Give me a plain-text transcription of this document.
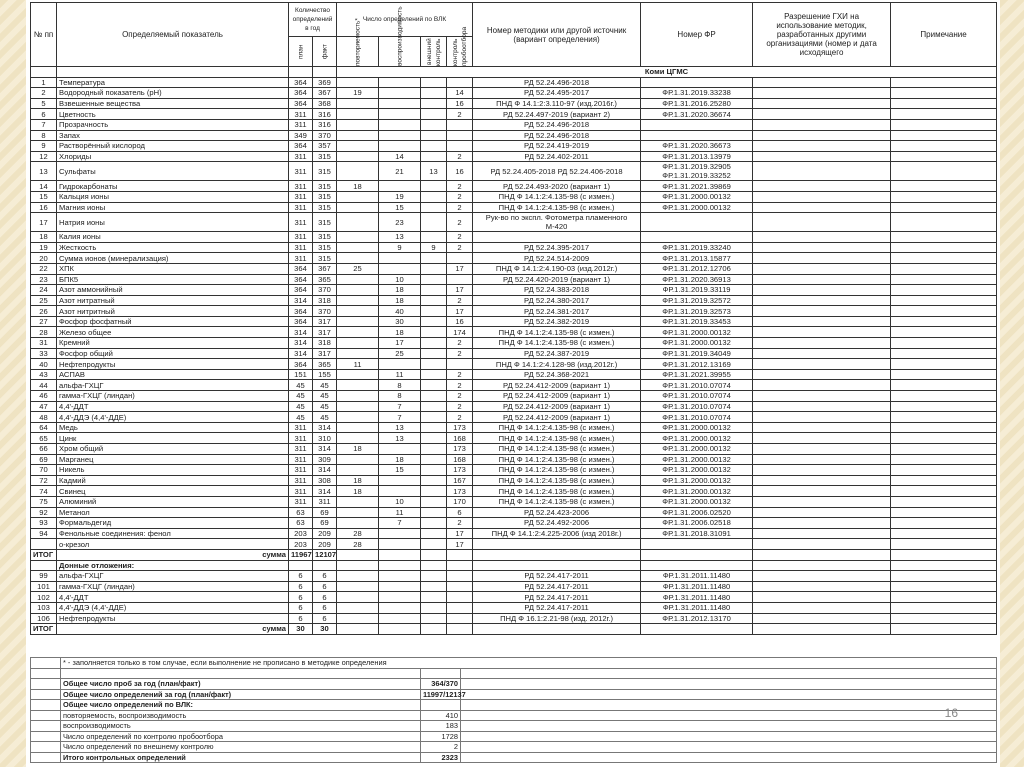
№ пп	Определяемый показатель	Количество определений в год		Число определений по ВЛК				Номер методики или другой источник (вариант определения)	Номер ФР	Разрешение ГХИ на использование методик, разработанных другими организациями (номер и дата исходящего	Примечание
		план	факт	повторяемость*	воспроизводимость	внешний контроль	контроль пробоотбора				
				Коми ЦГМС							
1	Температура	364	369					РД 52.24.496-2018			
2	Водородный показатель (рН)	364	367	19			14	РД 52.24.495-2017	ФР.1.31.2019.33238		
5	Взвешенные вещества	364	368				16	ПНД Ф 14.1:2:3.110-97 (изд.2016г.)	ФР.1.31.2016.25280		
6	Цветность	311	316				2	РД 52.24.497-2019 (вариант 2)	ФР.1.31.2020.36674		
7	Прозрачность	311	316					РД 52.24.496-2018			
8	Запах	349	370					РД 52.24.496-2018			
9	Растворённый кислород	364	357					РД 52.24.419-2019	ФР.1.31.2020.36673		
12	Хлориды	311	315		14		2	РД 52.24.402-2011	ФР.1.31.2013.13979		
13	Сульфаты	311	315		21	13	16	РД 52.24.405-2018 РД 52.24.406-2018	ФР.1.31.2019.32905 ФР.1.31.2019.33252		
14	Гидрокарбонаты	311	315	18			2	РД 52.24.493-2020 (вариант 1)	ФР.1.31.2021.39869		
15	Кальция ионы	311	315		19		2	ПНД Ф 14.1:2:4.135-98 (с измен.)	ФР.1.31.2000.00132		
16	Магния ионы	311	315		15		2	ПНД Ф 14.1:2:4.135-98 (с измен.)	ФР.1.31.2000.00132		
17	Натрия ионы	311	315		23		2	Рук-во по экспл. Фотометра пламенного М-420			
18	Калия ионы	311	315		13		2				
19	Жесткость	311	315		9	9	2	РД 52.24.395-2017	ФР.1.31.2019.33240		
20	Сумма ионов (минерализация)	311	315					РД 52.24.514-2009	ФР.1.31.2013.15877		
22	ХПК	364	367	25			17	ПНД Ф 14.1:2:4.190-03 (изд.2012г.)	ФР.1.31.2012.12706		
23	БПК5	364	365		10			РД 52.24.420-2019 (вариант 1)	ФР.1.31.2020.36913		
24	Азот аммонийный	364	370		18		17	РД 52.24.383-2018	ФР.1.31.2019.33119		
25	Азот нитратный	314	318		18		2	РД 52.24.380-2017	ФР.1.31.2019.32572		
26	Азот нитритный	364	370		40		17	РД 52.24.381-2017	ФР.1.31.2019.32573		
27	Фосфор фосфатный	364	317		30		16	РД 52.24.382-2019	ФР.1.31.2019.33453		
28	Железо общее	314	317		18		174	ПНД Ф 14.1:2:4.135-98 (с измен.)	ФР.1.31.2000.00132		
31	Кремний	314	318		17		2	ПНД Ф 14.1:2:4.135-98 (с измен.)	ФР.1.31.2000.00132		
33	Фосфор общий	314	317		25		2	РД 52.24.387-2019	ФР.1.31.2019.34049		
40	Нефтепродукты	364	365	11				ПНД Ф 14.1:2:4.128-98 (изд.2012г.)	ФР.1.31.2012.13169		
43	АСПАВ	151	155		11		2	РД 52.24.368-2021	ФР.1.31.2021.39955		
44	альфа-ГХЦГ	45	45		8		2	РД 52.24.412-2009 (вариант 1)	ФР.1.31.2010.07074		
46	гамма-ГХЦГ (линдан)	45	45		8		2	РД 52.24.412-2009 (вариант 1)	ФР.1.31.2010.07074		
47	4,4'-ДДТ	45	45		7		2	РД 52.24.412-2009 (вариант 1)	ФР.1.31.2010.07074		
48	4,4'-ДДЭ (4,4'-ДДЕ)	45	45		7		2	РД 52.24.412-2009 (вариант 1)	ФР.1.31.2010.07074		
64	Медь	311	314		13		173	ПНД Ф 14.1:2:4.135-98 (с измен.)	ФР.1.31.2000.00132		
65	Цинк	311	310		13		168	ПНД Ф 14.1:2:4.135-98 (с измен.)	ФР.1.31.2000.00132		
66	Хром общий	311	314	18			173	ПНД Ф 14.1:2:4.135-98 (с измен.)	ФР.1.31.2000.00132		
69	Марганец	311	309		18		168	ПНД Ф 14.1:2:4.135-98 (с измен.)	ФР.1.31.2000.00132		
70	Никель	311	314		15		173	ПНД Ф 14.1:2:4.135-98 (с измен.)	ФР.1.31.2000.00132		
72	Кадмий	311	308	18			167	ПНД Ф 14.1:2:4.135-98 (с измен.)	ФР.1.31.2000.00132		
74	Свинец	311	314	18			173	ПНД Ф 14.1:2:4.135-98 (с измен.)	ФР.1.31.2000.00132		
75	Алюминий	311	311		10		170	ПНД Ф 14.1:2:4.135-98 (с измен.)	ФР.1.31.2000.00132		
92	Метанол	63	69		11		6	РД 52.24.423-2006	ФР.1.31.2006.02520		
93	Формальдегид	63	69		7		2	РД 52.24.492-2006	ФР.1.31.2006.02518		
94	Фенольные соединения: фенол	203	209	28			17	ПНД Ф 14.1:2:4.225-2006 (изд 2018г.)	ФР.1.31.2018.31091		
	о-крезол	203	209	28			17				
ИТОГ	сумма	11967	12107								
	Донные отложения:										
99	альфа-ГХЦГ	6	6					РД 52.24.417-2011	ФР.1.31.2011.11480		
101	гамма-ГХЦГ (линдан)	6	6					РД 52.24.417-2011	ФР.1.31.2011.11480		
102	4,4'-ДДТ	6	6					РД 52.24.417-2011	ФР.1.31.2011.11480		
103	4,4'-ДДЭ (4,4'-ДДЕ)	6	6					РД 52.24.417-2011	ФР.1.31.2011.11480		
106	Нефтепродукты	6	6					ПНД Ф 16.1:2.21-98 (изд. 2012г.)	ФР.1.31.2012.13170		
ИТОГ	сумма	30	30								
	* - заполняется только в том случае, если выполнение не прописано в методике определения		

	Общее число проб за год (план/факт)	364/370	
	Общее число определений за год (план/факт)	11997/12137	
	Общее число определений по ВЛК:		
	повторяемость, воспроизводимость	410	
	воспроизводимость	183	
	Число определений по контролю пробоотбора	1728	
	Число определений по внешнему контролю	2	
	Итого контрольных определений	2323	
16
